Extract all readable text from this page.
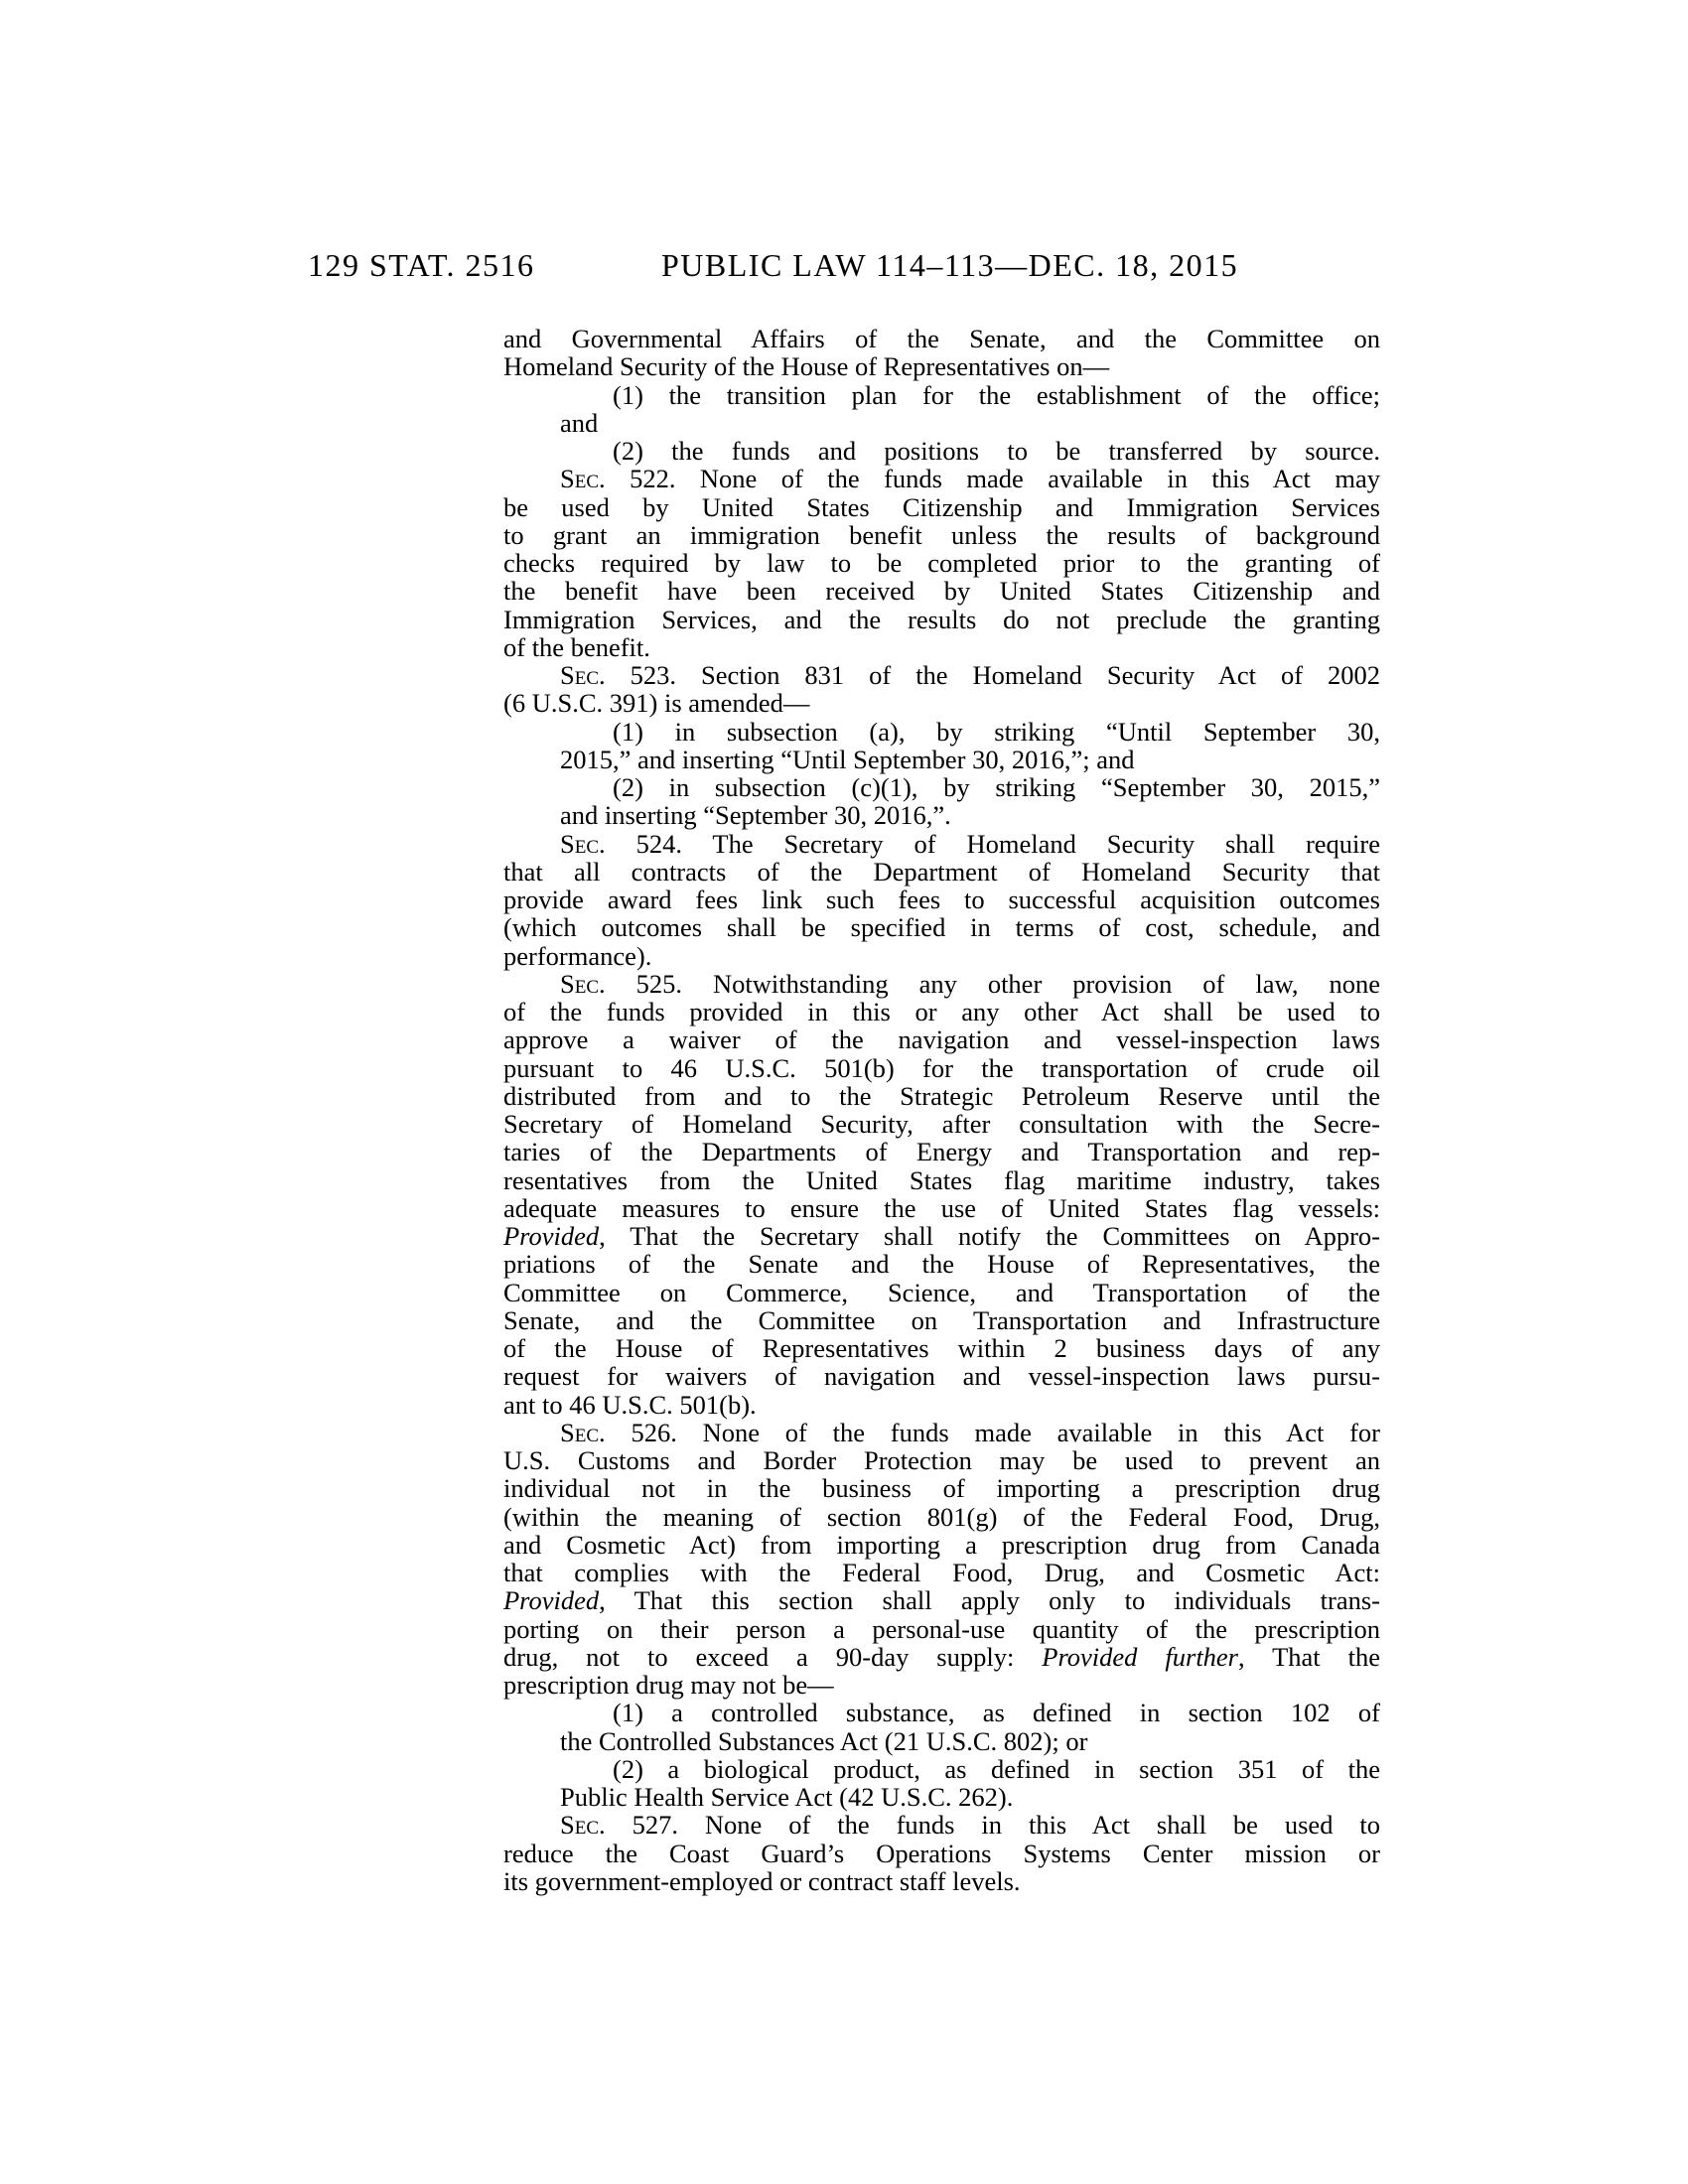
129 STAT. 2516	PUBLIC LAW 114–113—DEC. 18, 2015
and Governmental Affairs of the Senate, and the Committee on
Homeland Security of the House of Representatives on—
(1) the transition plan for the establishment of the office;
and
(2) the funds and positions to be transferred by source.
Sec. 522. None of the funds made available in this Act may
be used by United States Citizenship and Immigration Services
to grant an immigration benefit unless the results of background
checks required by law to be completed prior to the granting of
the benefit have been received by United States Citizenship and
Immigration Services, and the results do not preclude the granting
of the benefit.
Sec. 523. Section 831 of the Homeland Security Act of 2002
(6 U.S.C. 391) is amended—
(1) in subsection (a), by striking “Until September 30,
2015,” and inserting “Until September 30, 2016,”; and
(2) in subsection (c)(1), by striking “September 30, 2015,”
and inserting “September 30, 2016,”.
Sec. 524. The Secretary of Homeland Security shall require
that all contracts of the Department of Homeland Security that
provide award fees link such fees to successful acquisition outcomes
(which outcomes shall be specified in terms of cost, schedule, and
performance).
Sec. 525. Notwithstanding any other provision of law, none
of the funds provided in this or any other Act shall be used to
approve a waiver of the navigation and vessel-inspection laws
pursuant to 46 U.S.C. 501(b) for the transportation of crude oil
distributed from and to the Strategic Petroleum Reserve until the
Secretary of Homeland Security, after consultation with the Secre-
taries of the Departments of Energy and Transportation and rep-
resentatives from the United States flag maritime industry, takes
adequate measures to ensure the use of United States flag vessels:
Provided, That the Secretary shall notify the Committees on Appro-
priations of the Senate and the House of Representatives, the
Committee on Commerce, Science, and Transportation of the
Senate, and the Committee on Transportation and Infrastructure
of the House of Representatives within 2 business days of any
request for waivers of navigation and vessel-inspection laws pursu-
ant to 46 U.S.C. 501(b).
Sec. 526. None of the funds made available in this Act for
U.S. Customs and Border Protection may be used to prevent an
individual not in the business of importing a prescription drug
(within the meaning of section 801(g) of the Federal Food, Drug,
and Cosmetic Act) from importing a prescription drug from Canada
that complies with the Federal Food, Drug, and Cosmetic Act:
Provided, That this section shall apply only to individuals trans-
porting on their person a personal-use quantity of the prescription
drug, not to exceed a 90-day supply: Provided further, That the
prescription drug may not be—
(1) a controlled substance, as defined in section 102 of
the Controlled Substances Act (21 U.S.C. 802); or
(2) a biological product, as defined in section 351 of the
Public Health Service Act (42 U.S.C. 262).
Sec. 527. None of the funds in this Act shall be used to
reduce the Coast Guard’s Operations Systems Center mission or
its government-employed or contract staff levels.
